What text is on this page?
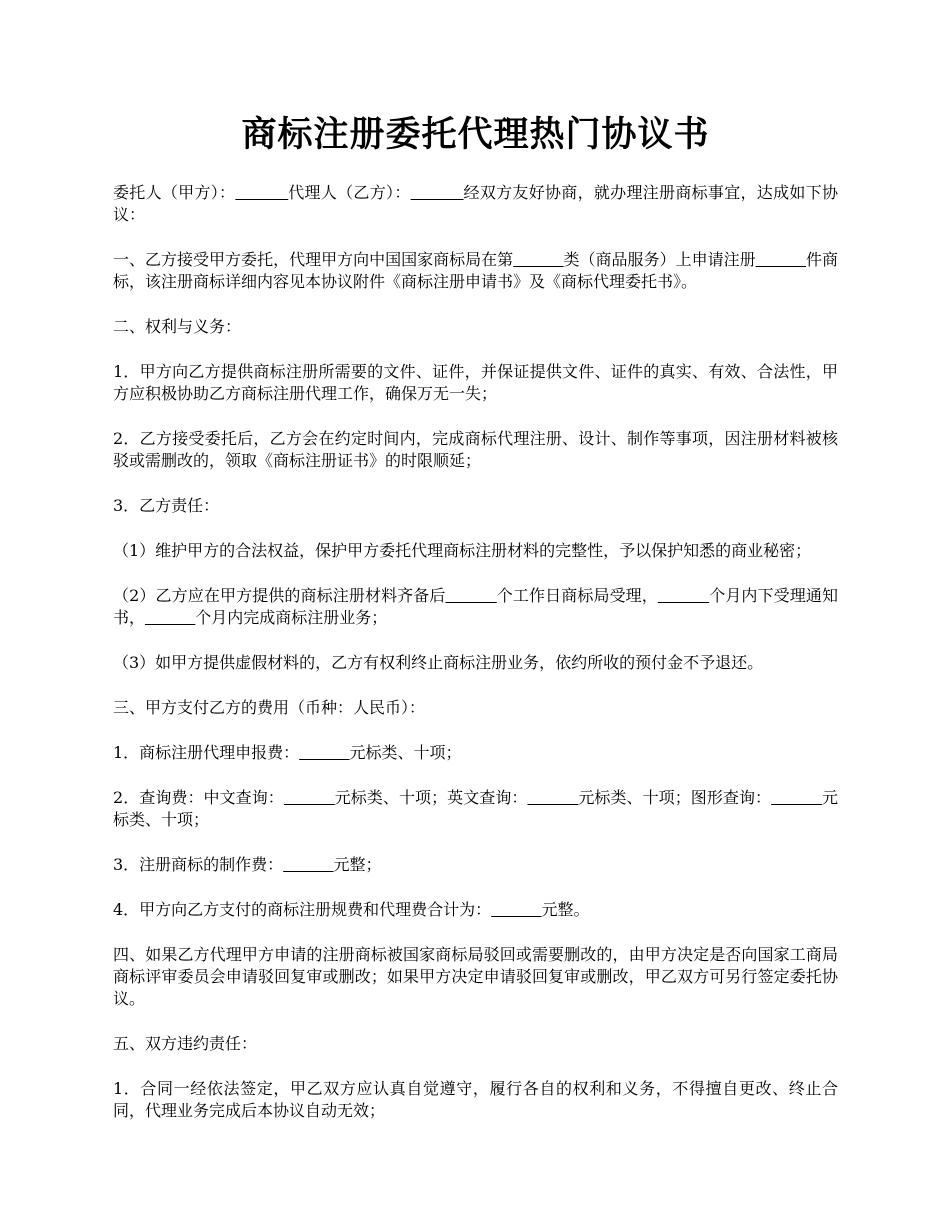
商标注册委托代理热门协议书

委托人（甲方）：	代理人（乙方）：	经双方友好协商，就办理注册商标事宜，达成如下协议：

一、乙方接受甲方委托，代理甲方向中国国家商标局在第	类（商品服务）上申请注册	件商标，该注册商标详细内容见本协议附件《商标注册申请书》及《商标代理委托书》。

二、权利与义务：

1．甲方向乙方提供商标注册所需要的文件、证件，并保证提供文件、证件的真实、有效、合法性，甲方应积极协助乙方商标注册代理工作，确保万无一失；

2．乙方接受委托后，乙方会在约定时间内，完成商标代理注册、设计、制作等事项，因注册材料被核驳或需删改的，领取《商标注册证书》的时限顺延；

3．乙方责任：

（1）维护甲方的合法权益，保护甲方委托代理商标注册材料的完整性，予以保护知悉的商业秘密；

（2）乙方应在甲方提供的商标注册材料齐备后	个工作日商标局受理，	个月内下受理通知书，	个月内完成商标注册业务；

（3）如甲方提供虚假材料的，乙方有权利终止商标注册业务，依约所收的预付金不予退还。

三、甲方支付乙方的费用（币种：人民币）：

1．商标注册代理申报费：	元标类、十项；

2．查询费：中文查询：	元标类、十项；英文查询：	元标类、十项；图形查询：	元标类、十项；

3．注册商标的制作费：	元整；

4．甲方向乙方支付的商标注册规费和代理费合计为：	元整。

四、如果乙方代理甲方申请的注册商标被国家商标局驳回或需要删改的，由甲方决定是否向国家工商局商标评审委员会申请驳回复审或删改；如果甲方决定申请驳回复审或删改，甲乙双方可另行签定委托协议。

五、双方违约责任：

1．合同一经依法签定，甲乙双方应认真自觉遵守，履行各自的权利和义务，不得擅自更改、终止合同，代理业务完成后本协议自动无效；
